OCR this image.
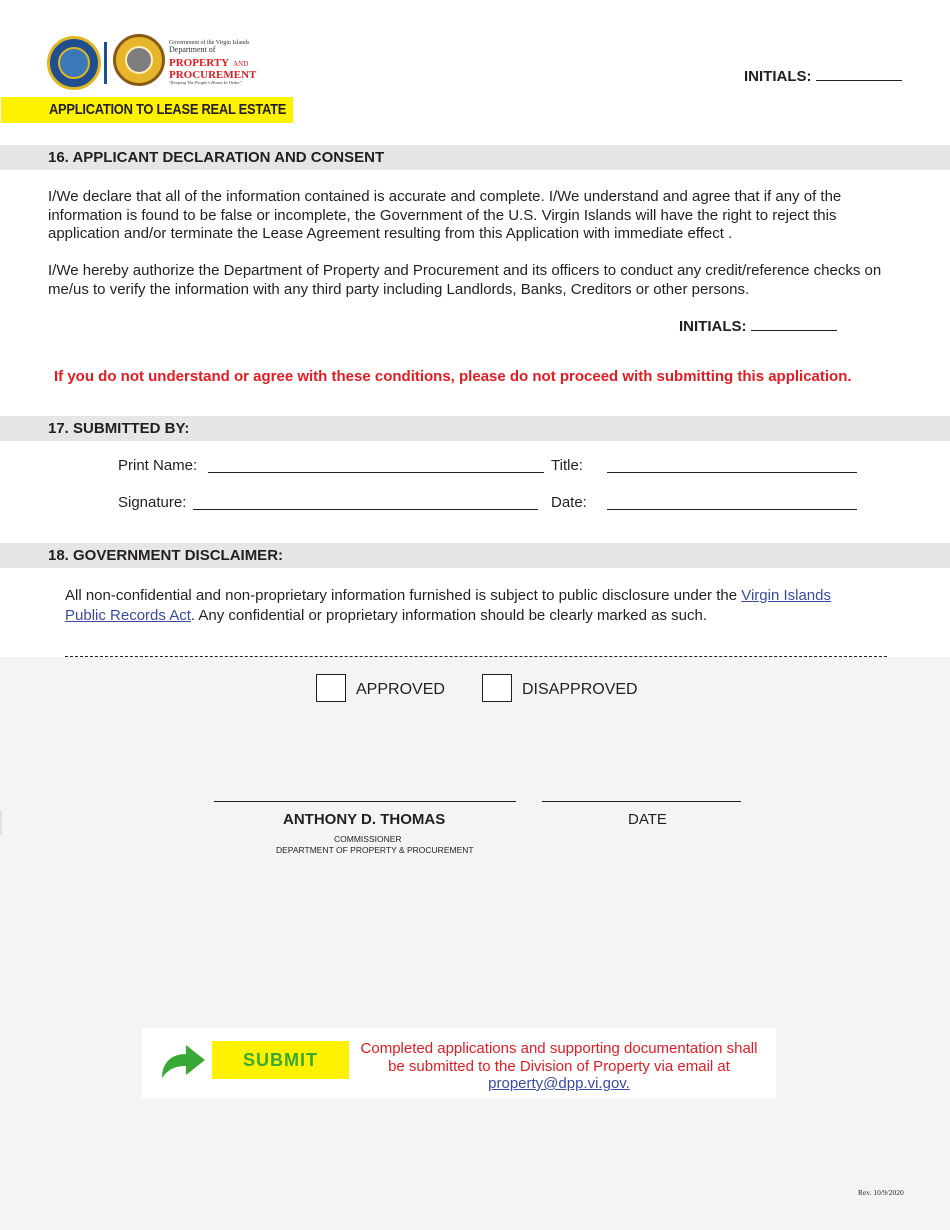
Government of the Virgin Islands
Department of
PROPERTY AND
PROCUREMENT
"Keeping The People's House In Order"
APPLICATION TO LEASE REAL ESTATE
INITIALS:
16. APPLICANT DECLARATION AND CONSENT
I/We declare that all of the information contained is accurate and complete. I/We understand and agree that if any of the information is found to be false or incomplete, the Government of the U.S. Virgin Islands will have the right to reject this application and/or terminate the Lease Agreement resulting from this Application with immediate effect .
I/We hereby authorize the Department of Property and Procurement and its officers to conduct any credit/reference checks on me/us to verify the information with any third party including Landlords, Banks, Creditors or other persons.
INITIALS:
If you do not understand or agree with these conditions, please do not proceed with submitting this application.
17. SUBMITTED BY:
Print Name:	Title:
Signature:	Date:
18. GOVERNMENT DISCLAIMER:
All non-confidential and non-proprietary information furnished is subject to public disclosure under the Virgin Islands Public Records Act. Any confidential or proprietary information should be clearly marked as such.
APPROVED	DISAPPROVED
ANTHONY D. THOMAS
COMMISSIONER
DEPARTMENT OF PROPERTY & PROCUREMENT
DATE
SUBMIT
Completed applications and supporting documentation shall be submitted to the Division of Property via email at
property@dpp.vi.gov.
Rev. 10/9/2020
